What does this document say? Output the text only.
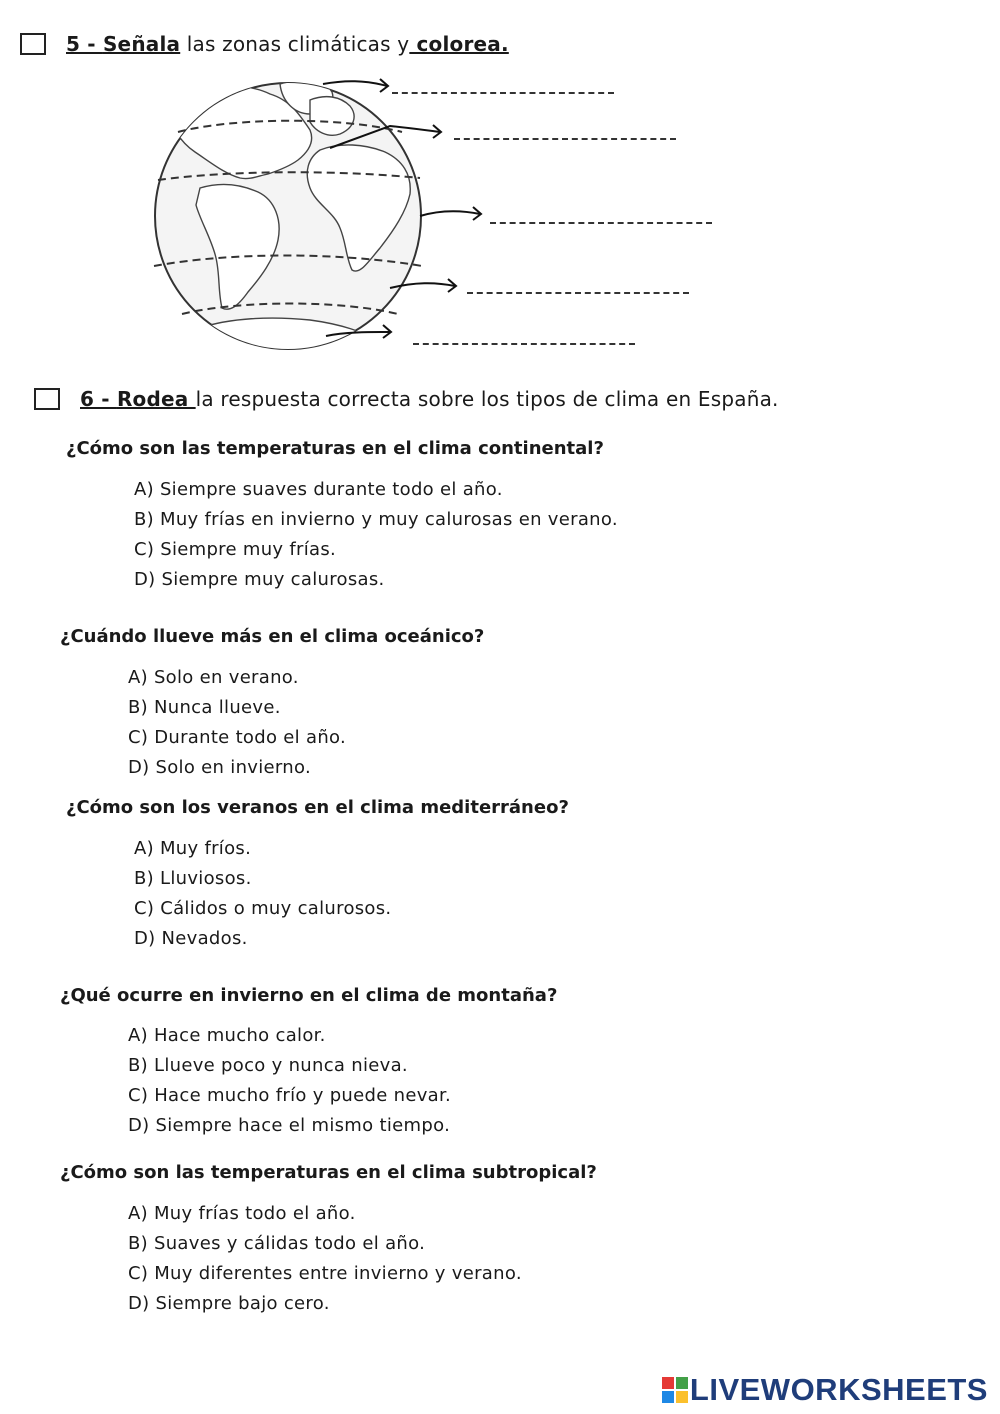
5 - Señala las zonas climáticas y colorea.
6 - Rodea la respuesta correcta sobre los tipos de clima en España.
¿Cómo son las temperaturas en el clima continental?
A) Siempre suaves durante todo el año.
B) Muy frías en invierno y muy calurosas en verano.
C) Siempre muy frías.
D) Siempre muy calurosas.
¿Cuándo llueve más en el clima oceánico?
A) Solo en verano.
B) Nunca llueve.
C) Durante todo el año.
D) Solo en invierno.
¿Cómo son los veranos en el clima mediterráneo?
A) Muy fríos.
B) Lluviosos.
C) Cálidos o muy calurosos.
D) Nevados.
¿Qué ocurre en invierno en el clima de montaña?
A) Hace mucho calor.
B) Llueve poco y nunca nieva.
C) Hace mucho frío y puede nevar.
D) Siempre hace el mismo tiempo.
¿Cómo son las temperaturas en el clima subtropical?
A) Muy frías todo el año.
B) Suaves y cálidas todo el año.
C) Muy diferentes entre invierno y verano.
D) Siempre bajo cero.
LIVEWORKSHEETS
